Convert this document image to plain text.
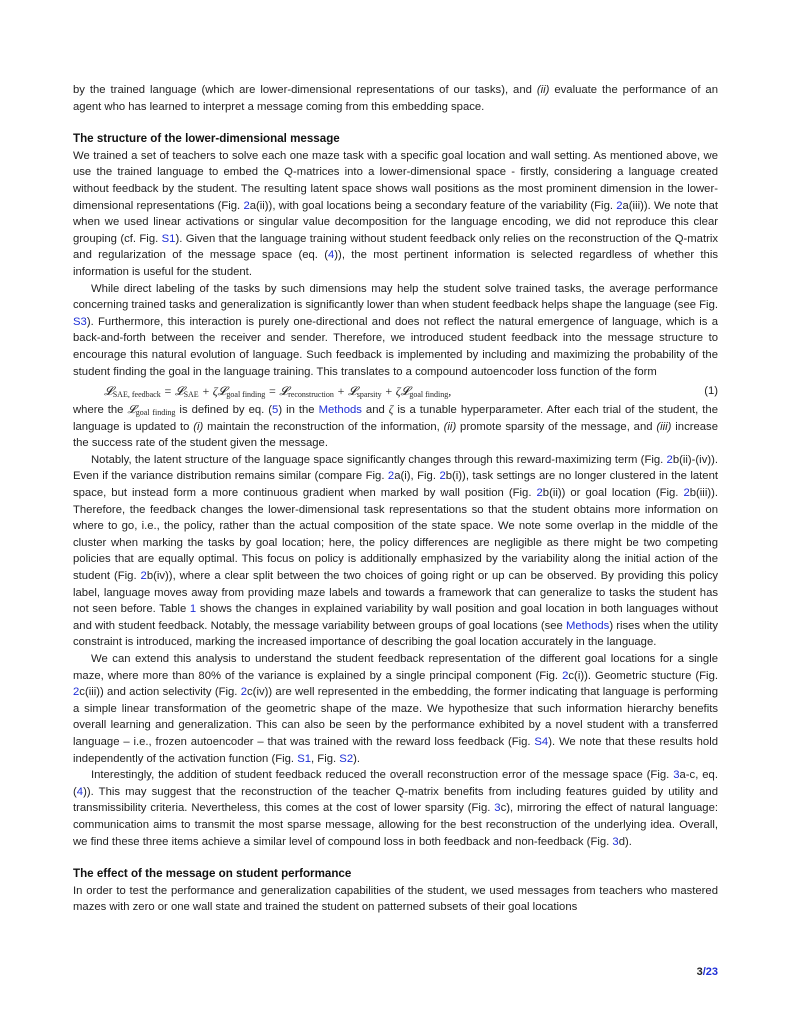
by the trained language (which are lower-dimensional representations of our tasks), and (ii) evaluate the performance of an agent who has learned to interpret a message coming from this embedding space.

The structure of the lower-dimensional message

We trained a set of teachers to solve each one maze task with a specific goal location and wall setting. As mentioned above, we use the trained language to embed the Q-matrices into a lower-dimensional space - firstly, considering a language created without feedback by the student. The resulting latent space shows wall positions as the most prominent dimension in the lower-dimensional representations (Fig. 2a(ii)), with goal locations being a secondary feature of the variability (Fig. 2a(iii)). We note that when we used linear activations or singular value decomposition for the language encoding, we did not reproduce this clear grouping (cf. Fig. S1). Given that the language training without student feedback only relies on the reconstruction of the Q-matrix and regularization of the message space (eq. (4)), the most pertinent information is selected regardless of whether this information is useful for the student.

While direct labeling of the tasks by such dimensions may help the student solve trained tasks, the average performance concerning trained tasks and generalization is significantly lower than when student feedback helps shape the language (see Fig. S3). Furthermore, this interaction is purely one-directional and does not reflect the natural emergence of language, which is a back-and-forth between the receiver and sender. Therefore, we introduced student feedback into the message structure to encourage this natural evolution of language. Such feedback is implemented by including and maximizing the probability of the student finding the goal in the language training. This translates to a compound autoencoder loss function of the form

𝓛$_{SAE, feedback}$ = 𝓛$_{SAE}$ + ζ𝓛$_{goal finding}$ = 𝓛$_{reconstruction}$ + 𝓛$_{sparsity}$ + ζ𝓛$_{goal finding}$,	(1)

where the 𝓛$_{goal finding}$ is defined by eq. (5) in the Methods and ζ is a tunable hyperparameter. After each trial of the student, the language is updated to (i) maintain the reconstruction of the information, (ii) promote sparsity of the message, and (iii) increase the success rate of the student given the message.

Notably, the latent structure of the language space significantly changes through this reward-maximizing term (Fig. 2b(ii)-(iv)). Even if the variance distribution remains similar (compare Fig. 2a(i), Fig. 2b(i)), task settings are no longer clustered in the latent space, but instead form a more continuous gradient when marked by wall position (Fig. 2b(ii)) or goal location (Fig. 2b(iii)). Therefore, the feedback changes the lower-dimensional task representations so that the student obtains more information on where to go, i.e., the policy, rather than the actual composition of the state space. We note some overlap in the middle of the cluster when marking the tasks by goal location; here, the policy differences are negligible as there might be two competing policies that are equally optimal. This focus on policy is additionally emphasized by the variability along the initial action of the student (Fig. 2b(iv)), where a clear split between the two choices of going right or up can be observed. By providing this policy label, language moves away from providing maze labels and towards a framework that can generalize to tasks the student has not seen before. Table 1 shows the changes in explained variability by wall position and goal location in both languages without and with student feedback. Notably, the message variability between groups of goal locations (see Methods) rises when the utility constraint is introduced, marking the increased importance of describing the goal location accurately in the language.

We can extend this analysis to understand the student feedback representation of the different goal locations for a single maze, where more than 80% of the variance is explained by a single principal component (Fig. 2c(i)). Geometric stucture (Fig. 2c(iii)) and action selectivity (Fig. 2c(iv)) are well represented in the embedding, the former indicating that language is performing a simple linear transformation of the geometric shape of the maze. We hypothesize that such information hierarchy benefits overall learning and generalization. This can also be seen by the performance exhibited by a novel student with a transferred language – i.e., frozen autoencoder – that was trained with the reward loss feedback (Fig. S4). We note that these results hold independently of the activation function (Fig. S1, Fig. S2).

Interestingly, the addition of student feedback reduced the overall reconstruction error of the message space (Fig. 3a-c, eq. (4)). This may suggest that the reconstruction of the teacher Q-matrix benefits from including features guided by utility and transmissibility criteria. Nevertheless, this comes at the cost of lower sparsity (Fig. 3c), mirroring the effect of natural language: communication aims to transmit the most sparse message, allowing for the best reconstruction of the underlying idea. Overall, we find these three items achieve a similar level of compound loss in both feedback and non-feedback (Fig. 3d).

The effect of the message on student performance

In order to test the performance and generalization capabilities of the student, we used messages from teachers who mastered mazes with zero or one wall state and trained the student on patterned subsets of their goal locations

3/23
